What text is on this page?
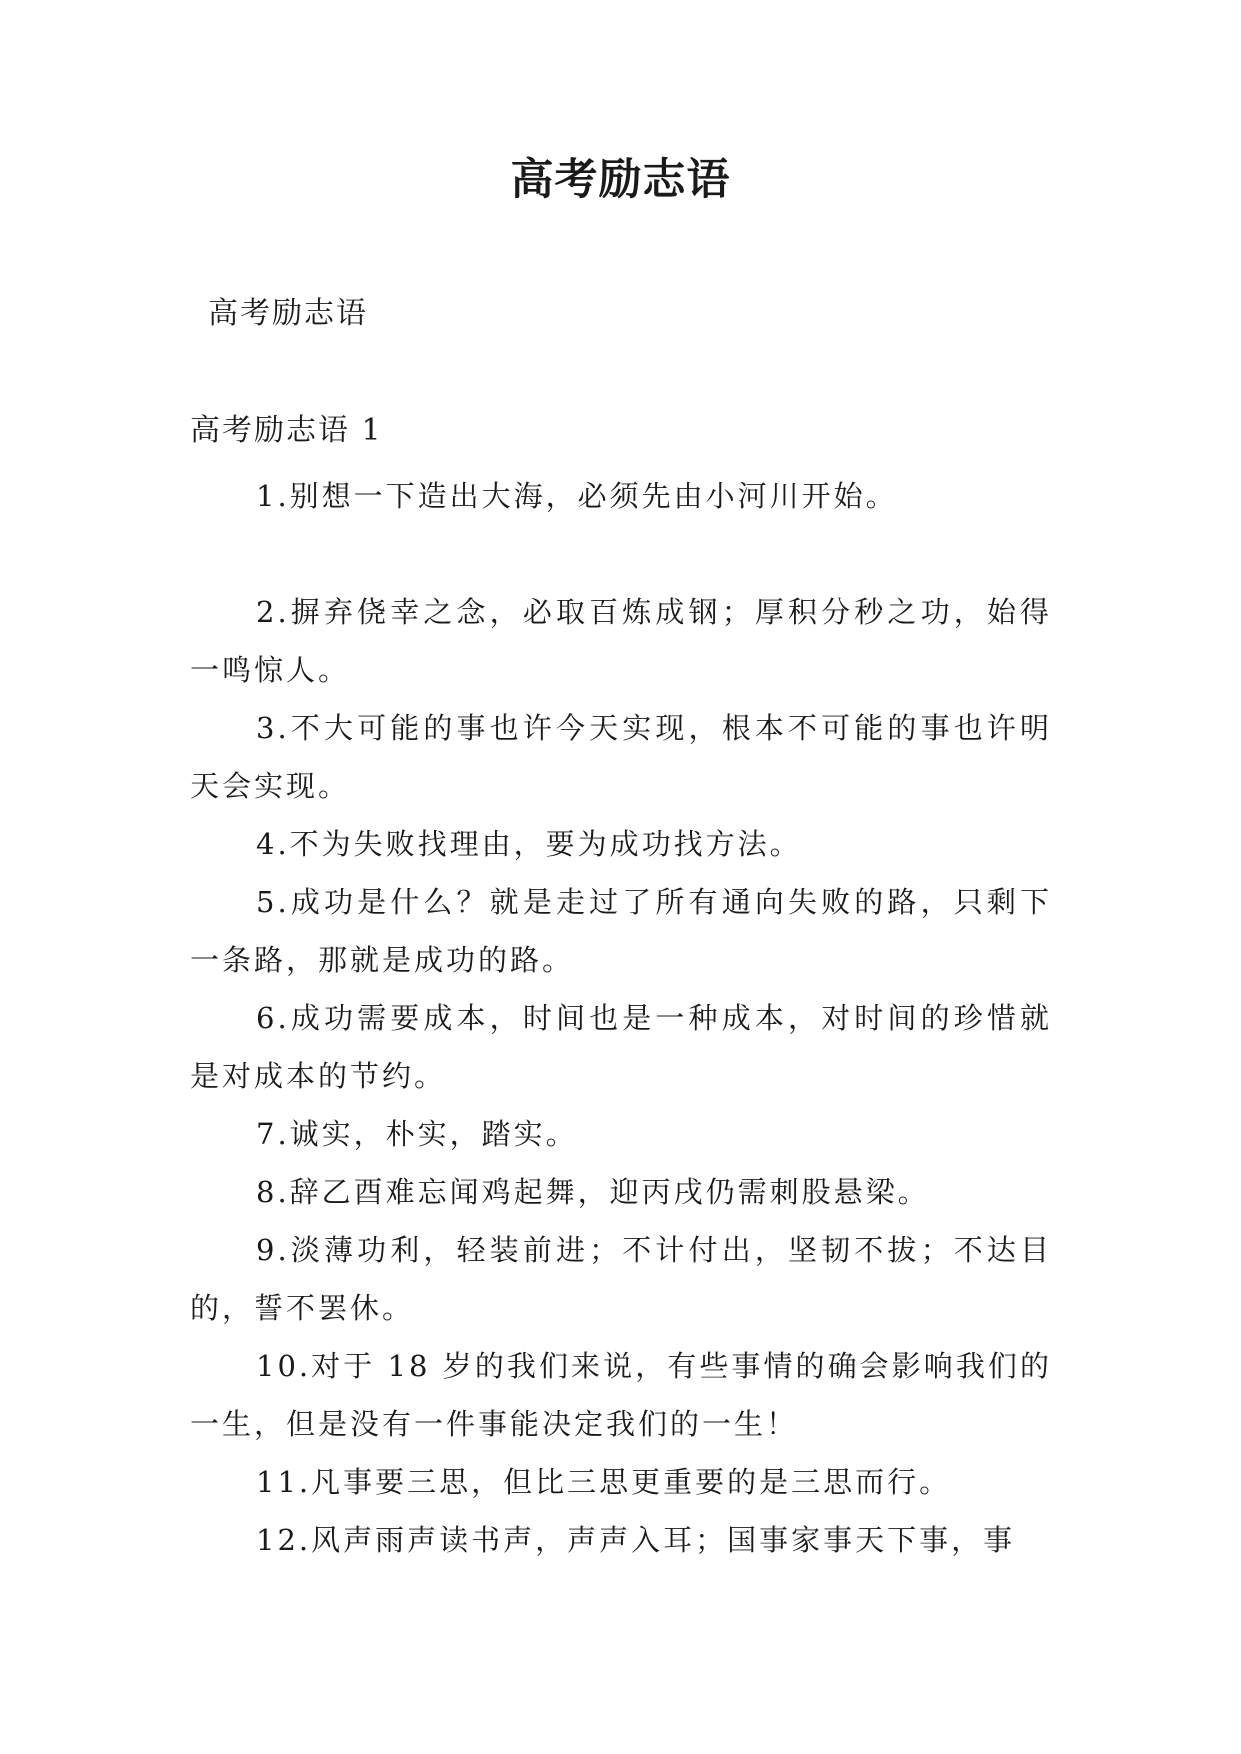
高考励志语
高考励志语
高考励志语 1

1.别想一下造出大海，必须先由小河川开始。

2.摒弃侥幸之念，必取百炼成钢；厚积分秒之功，始得一鸣惊人。

3.不大可能的事也许今天实现，根本不可能的事也许明天会实现。

4.不为失败找理由，要为成功找方法。

5.成功是什么？就是走过了所有通向失败的路，只剩下一条路，那就是成功的路。

6.成功需要成本，时间也是一种成本，对时间的珍惜就是对成本的节约。

7.诚实，朴实，踏实。

8.辞乙酉难忘闻鸡起舞，迎丙戌仍需刺股悬梁。

9.淡薄功利，轻装前进；不计付出，坚韧不拔；不达目的，誓不罢休。

10.对于 18 岁的我们来说，有些事情的确会影响我们的一生，但是没有一件事能决定我们的一生！

11.凡事要三思，但比三思更重要的是三思而行。

12.风声雨声读书声，声声入耳；国事家事天下事，事
